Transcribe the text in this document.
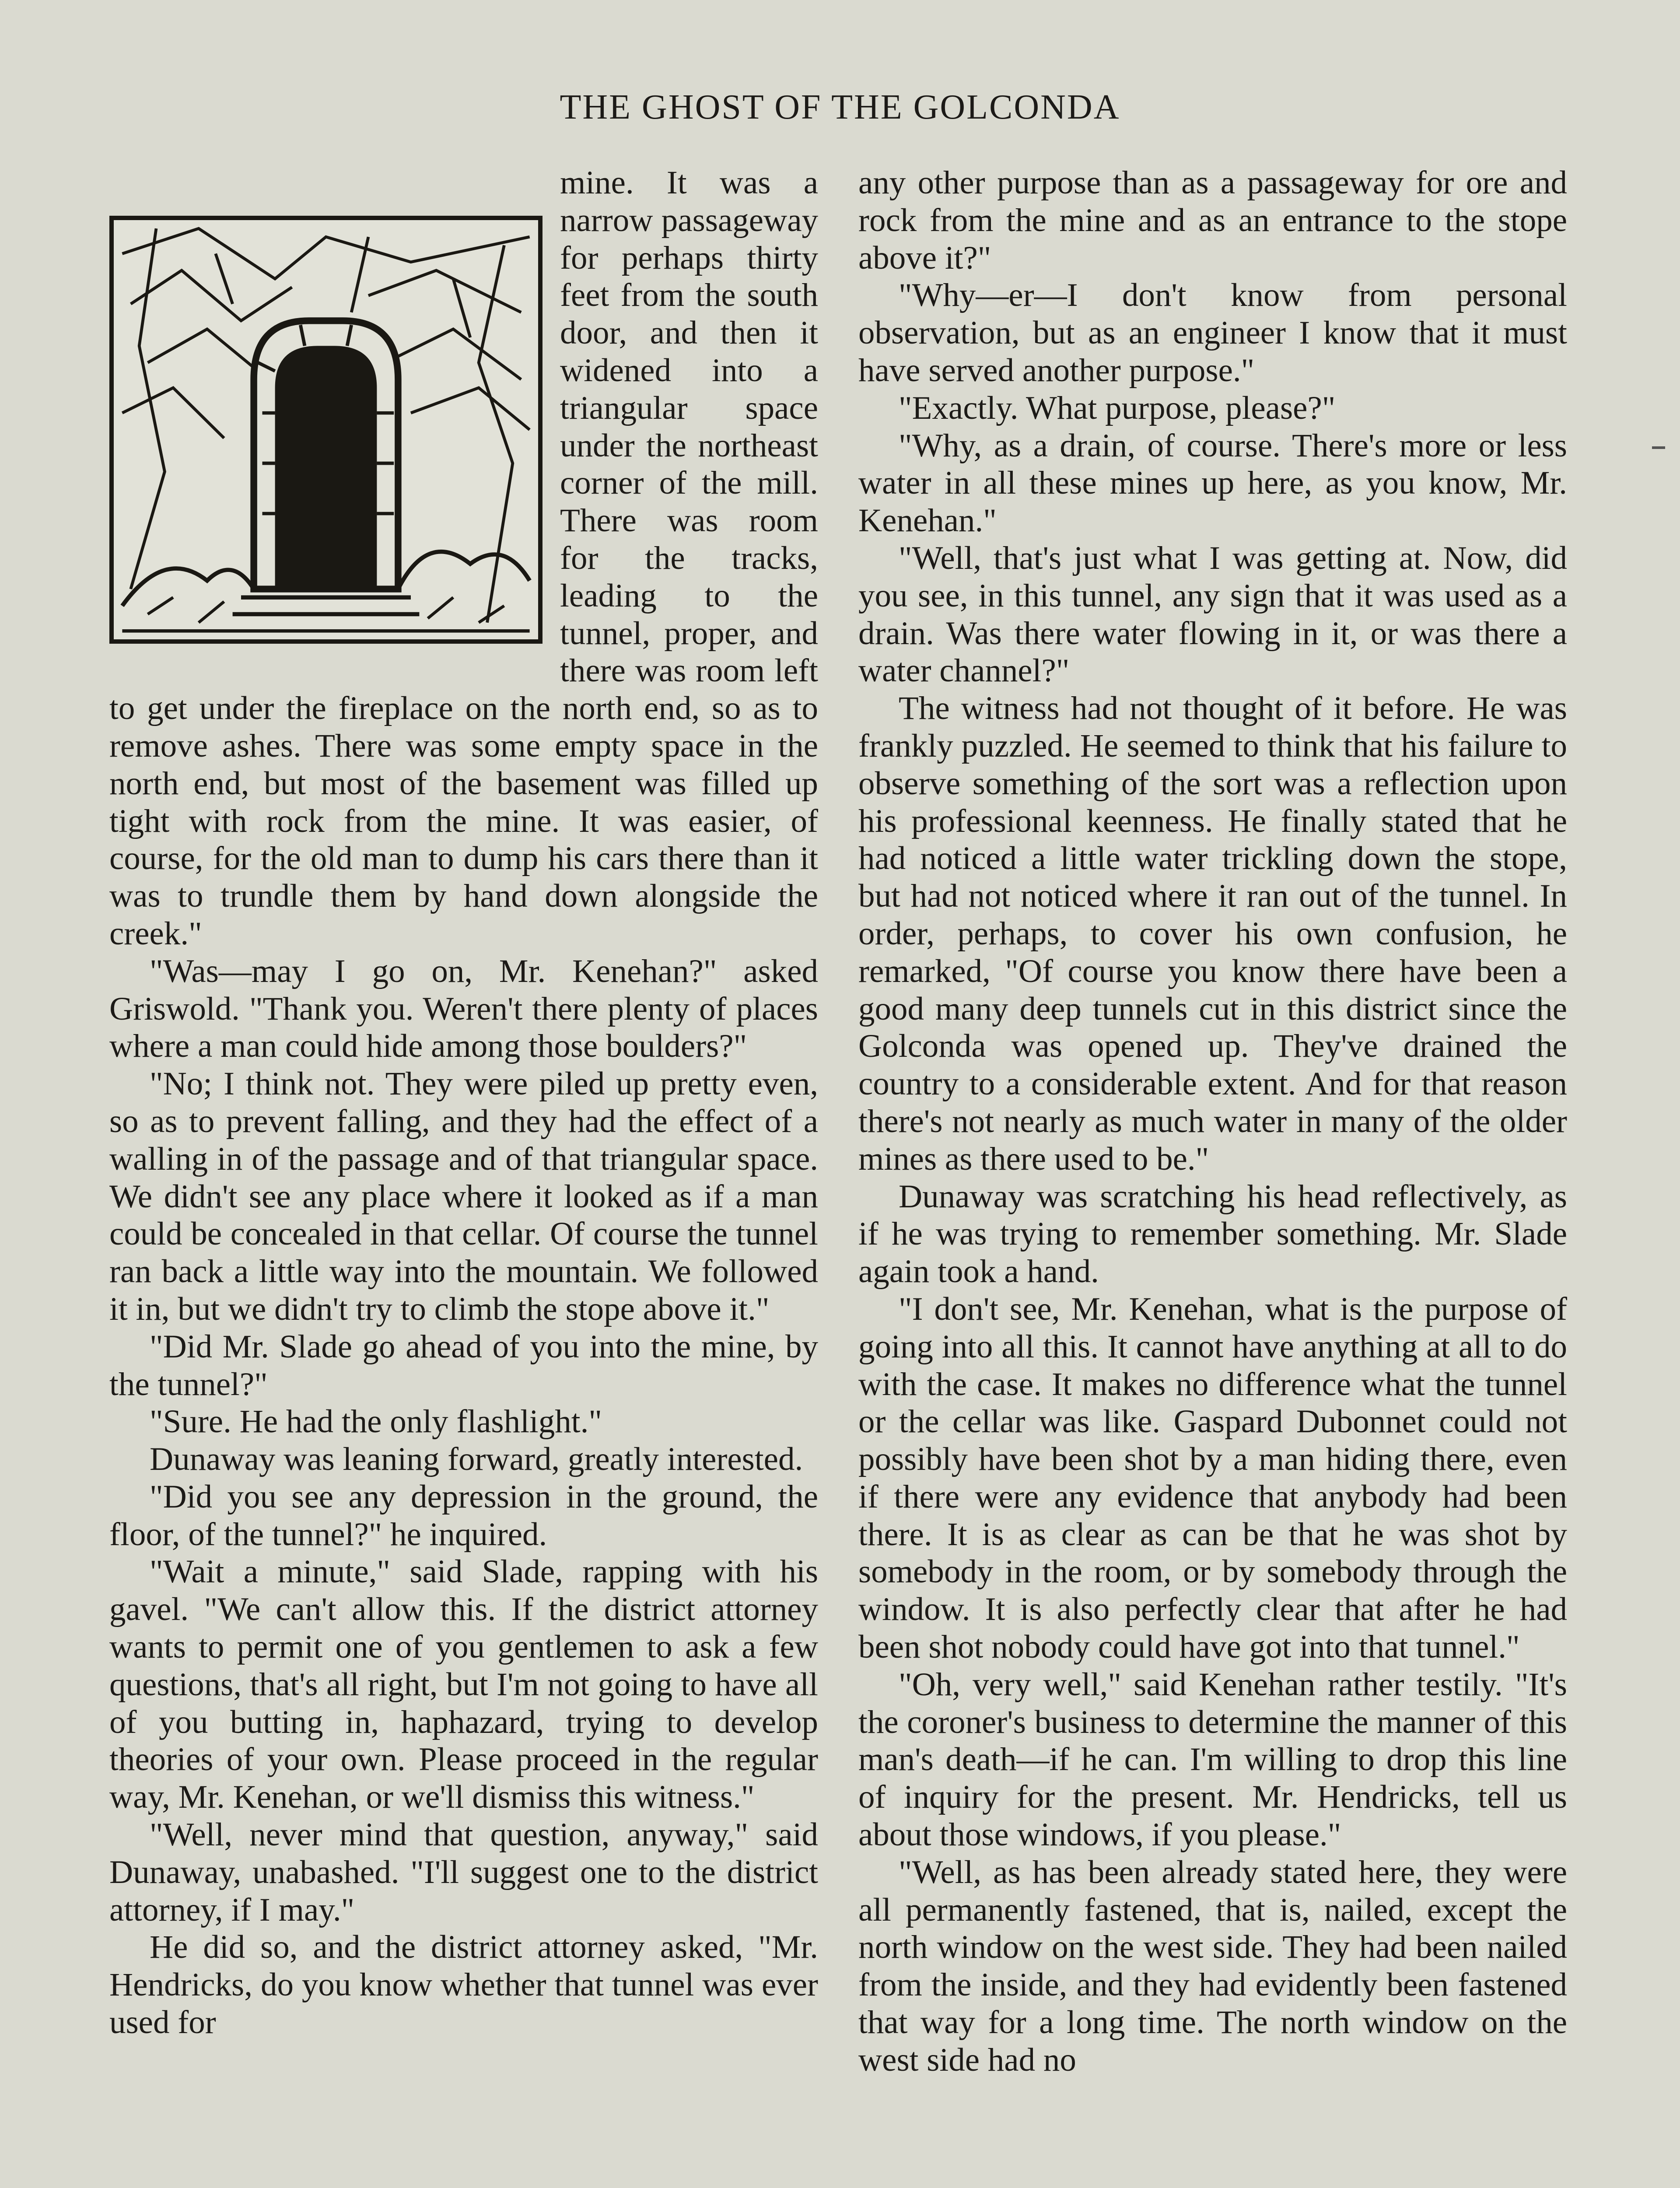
THE GHOST OF THE GOLCONDA

mine. It was a narrow passageway for perhaps thirty feet from the south door, and then it widened into a triangular space under the northeast corner of the mill. There was room for the tracks, leading to the tunnel, proper, and there was room left to get under the fireplace on the north end, so as to remove ashes. There was some empty space in the north end, but most of the basement was filled up tight with rock from the mine. It was easier, of course, for the old man to dump his cars there than it was to trundle them by hand down alongside the creek."

"Was—may I go on, Mr. Kenehan?" asked Griswold. "Thank you. Weren't there plenty of places where a man could hide among those boulders?"

"No; I think not. They were piled up pretty even, so as to prevent falling, and they had the effect of a walling in of the passage and of that triangular space. We didn't see any place where it looked as if a man could be concealed in that cellar. Of course the tunnel ran back a little way into the mountain. We followed it in, but we didn't try to climb the stope above it."

"Did Mr. Slade go ahead of you into the mine, by the tunnel?"

"Sure. He had the only flashlight."

Dunaway was leaning forward, greatly interested.

"Did you see any depression in the ground, the floor, of the tunnel?" he inquired.

"Wait a minute," said Slade, rapping with his gavel. "We can't allow this. If the district attorney wants to permit one of you gentlemen to ask a few questions, that's all right, but I'm not going to have all of you butting in, haphazard, trying to develop theories of your own. Please proceed in the regular way, Mr. Kenehan, or we'll dismiss this witness."

"Well, never mind that question, anyway," said Dunaway, unabashed. "I'll suggest one to the district attorney, if I may."

He did so, and the district attorney asked, "Mr. Hendricks, do you know whether that tunnel was ever used for

any other purpose than as a passageway for ore and rock from the mine and as an entrance to the stope above it?"

"Why—er—I don't know from personal observation, but as an engineer I know that it must have served another purpose."

"Exactly. What purpose, please?"

"Why, as a drain, of course. There's more or less water in all these mines up here, as you know, Mr. Kenehan."

"Well, that's just what I was getting at. Now, did you see, in this tunnel, any sign that it was used as a drain. Was there water flowing in it, or was there a water channel?"

The witness had not thought of it before. He was frankly puzzled. He seemed to think that his failure to observe something of the sort was a reflection upon his professional keenness. He finally stated that he had noticed a little water trickling down the stope, but had not noticed where it ran out of the tunnel. In order, perhaps, to cover his own confusion, he remarked, "Of course you know there have been a good many deep tunnels cut in this district since the Golconda was opened up. They've drained the country to a considerable extent. And for that reason there's not nearly as much water in many of the older mines as there used to be."

Dunaway was scratching his head reflectively, as if he was trying to remember something. Mr. Slade again took a hand.

"I don't see, Mr. Kenehan, what is the purpose of going into all this. It cannot have anything at all to do with the case. It makes no difference what the tunnel or the cellar was like. Gaspard Dubonnet could not possibly have been shot by a man hiding there, even if there were any evidence that anybody had been there. It is as clear as can be that he was shot by somebody in the room, or by somebody through the window. It is also perfectly clear that after he had been shot nobody could have got into that tunnel."

"Oh, very well," said Kenehan rather testily. "It's the coroner's business to determine the manner of this man's death—if he can. I'm willing to drop this line of inquiry for the present. Mr. Hendricks, tell us about those windows, if you please."

"Well, as has been already stated here, they were all permanently fastened, that is, nailed, except the north window on the west side. They had been nailed from the inside, and they had evidently been fastened that way for a long time. The north window on the west side had no
